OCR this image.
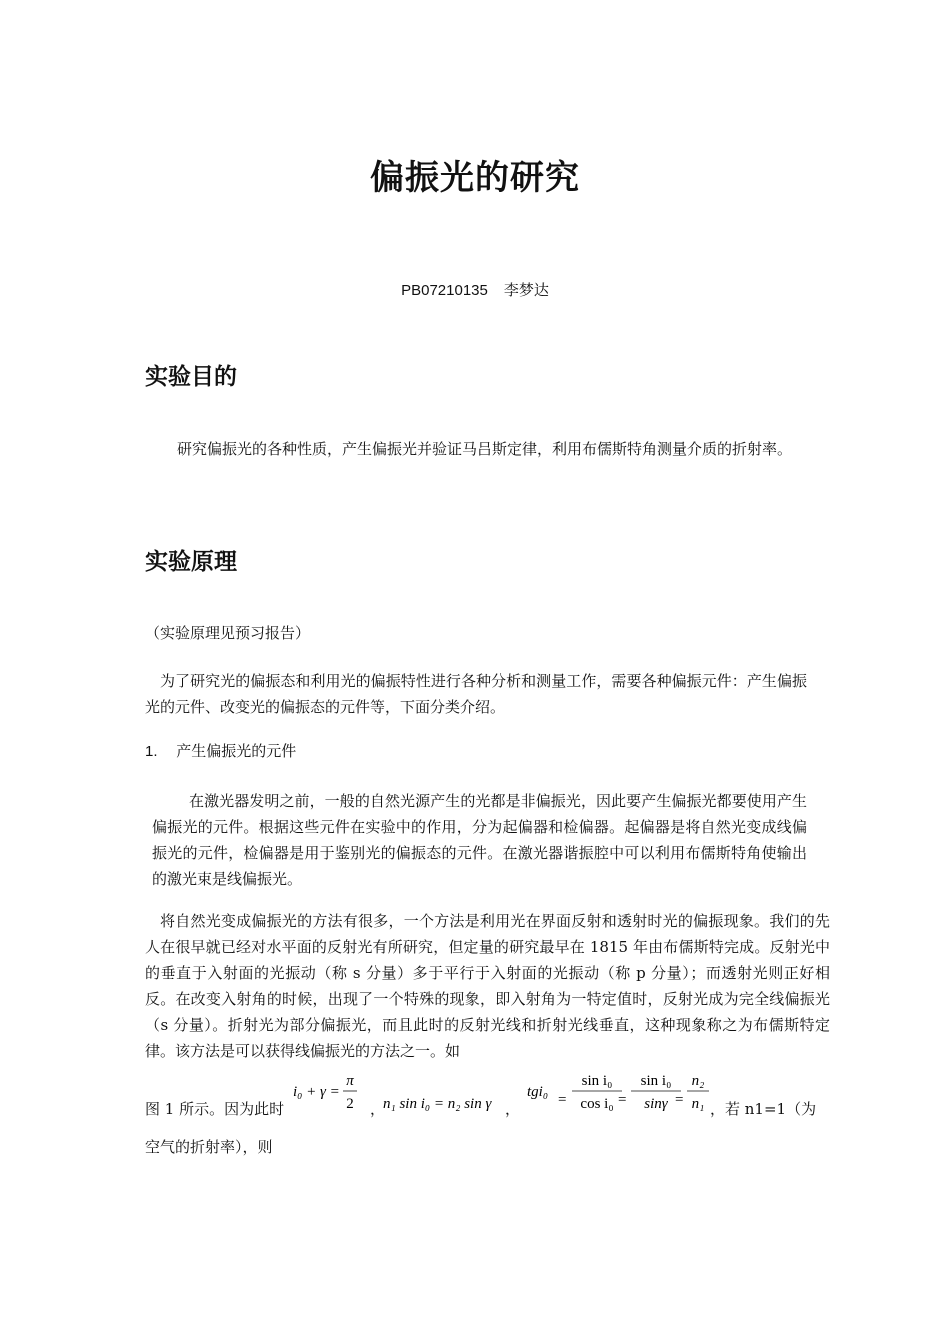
偏振光的研究
PB07210135 李梦达
实验目的
研究偏振光的各种性质，产生偏振光并验证马吕斯定律，利用布儒斯特角测量介质的折射率。
实验原理
（实验原理见预习报告）
为了研究光的偏振态和利用光的偏振特性进行各种分析和测量工作，需要各种偏振元件：产生偏振光的元件、改变光的偏振态的元件等，下面分类介绍。
1. 产生偏振光的元件
在激光器发明之前，一般的自然光源产生的光都是非偏振光，因此要产生偏振光都要使用产生偏振光的元件。根据这些元件在实验中的作用，分为起偏器和检偏器。起偏器是将自然光变成线偏振光的元件，检偏器是用于鉴别光的偏振态的元件。在激光器谐振腔中可以利用布儒斯特角使输出的激光束是线偏振光。
将自然光变成偏振光的方法有很多，一个方法是利用光在界面反射和透射时光的偏振现象。我们的先人在很早就已经对水平面的反射光有所研究，但定量的研究最早在 1815 年由布儒斯特完成。反射光中的垂直于入射面的光振动（称 s 分量）多于平行于入射面的光振动（称 p 分量）；而透射光则正好相反。在改变入射角的时候，出现了一个特殊的现象，即入射角为一特定值时，反射光成为完全线偏振光（s 分量）。折射光为部分偏振光，而且此时的反射光线和折射光线垂直，这种现象称之为布儒斯特定律。该方法是可以获得线偏振光的方法之一。如
图 1 所示。因为此时
i₀ + γ =
π
2 n₁ sin i₀ = n₂ sin γ
tgi₀ =
sin i₀
cos i₀ =
sin i₀
sinγ =
n₂
n₁
，	，	，若 n1=1（为
空气的折射率），则
